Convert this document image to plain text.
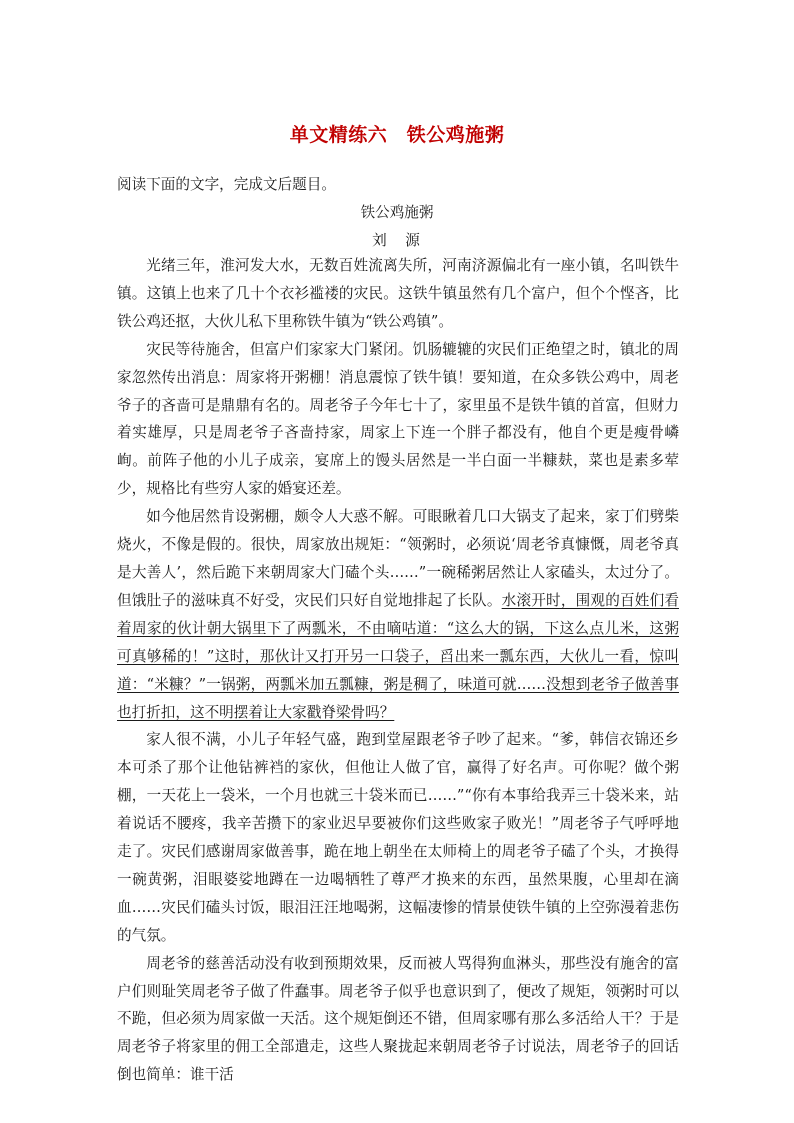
单文精练六　铁公鸡施粥
阅读下面的文字，完成文后题目。
铁公鸡施粥
刘　源

光绪三年，淮河发大水，无数百姓流离失所，河南济源偏北有一座小镇，名叫铁牛镇。这镇上也来了几十个衣衫褴褛的灾民。这铁牛镇虽然有几个富户，但个个悭吝，比铁公鸡还抠，大伙儿私下里称铁牛镇为“铁公鸡镇”。

灾民等待施舍，但富户们家家大门紧闭。饥肠辘辘的灾民们正绝望之时，镇北的周家忽然传出消息：周家将开粥棚！消息震惊了铁牛镇！要知道，在众多铁公鸡中，周老爷子的吝啬可是鼎鼎有名的。周老爷子今年七十了，家里虽不是铁牛镇的首富，但财力着实雄厚，只是周老爷子吝啬持家，周家上下连一个胖子都没有，他自个更是瘦骨嶙峋。前阵子他的小儿子成亲，宴席上的馒头居然是一半白面一半糠麸，菜也是素多荤少，规格比有些穷人家的婚宴还差。

如今他居然肯设粥棚，颇令人大惑不解。可眼瞅着几口大锅支了起来，家丁们劈柴烧火，不像是假的。很快，周家放出规矩：“领粥时，必须说‘周老爷真慷慨，周老爷真是大善人’，然后跪下来朝周家大门磕个头……”一碗稀粥居然让人家磕头，太过分了。但饿肚子的滋味真不好受，灾民们只好自觉地排起了长队。水滚开时，围观的百姓们看着周家的伙计朝大锅里下了两瓢米，不由嘀咕道：“这么大的锅，下这么点儿米，这粥可真够稀的！”这时，那伙计又打开另一口袋子，舀出来一瓢东西，大伙儿一看，惊叫道：“米糠？”一锅粥，两瓢米加五瓢糠，粥是稠了，味道可就……没想到老爷子做善事也打折扣，这不明摆着让大家戳脊梁骨吗？

家人很不满，小儿子年轻气盛，跑到堂屋跟老爷子吵了起来。“爹，韩信衣锦还乡本可杀了那个让他钻裤裆的家伙，但他让人做了官，赢得了好名声。可你呢？做个粥棚，一天花上一袋米，一个月也就三十袋米而已……”“你有本事给我弄三十袋米来，站着说话不腰疼，我辛苦攒下的家业迟早要被你们这些败家子败光！”周老爷子气呼呼地走了。灾民们感谢周家做善事，跪在地上朝坐在太师椅上的周老爷子磕了个头，才换得一碗黄粥，泪眼婆娑地蹲在一边喝牺牲了尊严才换来的东西，虽然果腹，心里却在滴血……灾民们磕头讨饭，眼泪汪汪地喝粥，这幅凄惨的情景使铁牛镇的上空弥漫着悲伤的气氛。

周老爷的慈善活动没有收到预期效果，反而被人骂得狗血淋头，那些没有施舍的富户们则耻笑周老爷子做了件蠢事。周老爷子似乎也意识到了，便改了规矩，领粥时可以不跪，但必须为周家做一天活。这个规矩倒还不错，但周家哪有那么多活给人干？于是周老爷子将家里的佣工全部遣走，这些人聚拢起来朝周老爷子讨说法，周老爷子的回话倒也简单：谁干活
